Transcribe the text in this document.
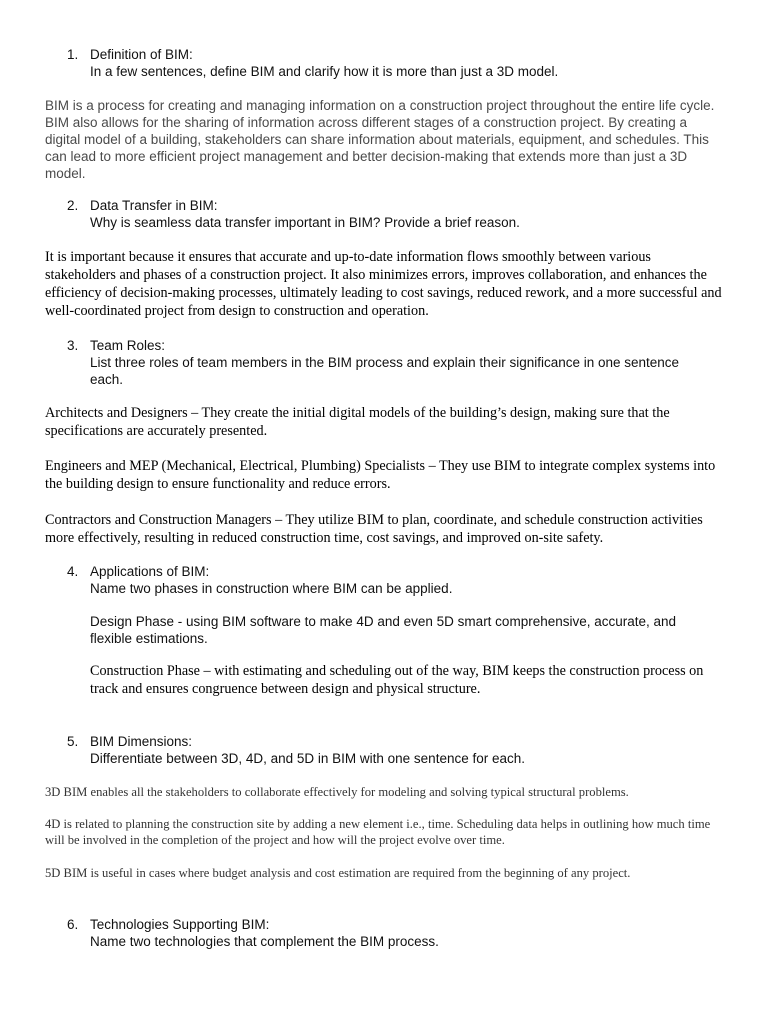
1. Definition of BIM:
In a few sentences, define BIM and clarify how it is more than just a 3D model.
BIM is a process for creating and managing information on a construction project throughout the entire life cycle. BIM also allows for the sharing of information across different stages of a construction project. By creating a digital model of a building, stakeholders can share information about materials, equipment, and schedules. This can lead to more efficient project management and better decision-making that extends more than just a 3D model.
2. Data Transfer in BIM:
Why is seamless data transfer important in BIM? Provide a brief reason.
It is important because it ensures that accurate and up-to-date information flows smoothly between various stakeholders and phases of a construction project. It also minimizes errors, improves collaboration, and enhances the efficiency of decision-making processes, ultimately leading to cost savings, reduced rework, and a more successful and well-coordinated project from design to construction and operation.
3. Team Roles:
List three roles of team members in the BIM process and explain their significance in one sentence each.
Architects and Designers – They create the initial digital models of the building’s design, making sure that the specifications are accurately presented.
Engineers and MEP (Mechanical, Electrical, Plumbing) Specialists – They use BIM to integrate complex systems into the building design to ensure functionality and reduce errors.
Contractors and Construction Managers – They utilize BIM to plan, coordinate, and schedule construction activities more effectively, resulting in reduced construction time, cost savings, and improved on-site safety.
4. Applications of BIM:
Name two phases in construction where BIM can be applied.
Design Phase - using BIM software to make 4D and even 5D smart comprehensive, accurate, and flexible estimations.
Construction Phase – with estimating and scheduling out of the way, BIM keeps the construction process on track and ensures congruence between design and physical structure.
5. BIM Dimensions:
Differentiate between 3D, 4D, and 5D in BIM with one sentence for each.
3D BIM enables all the stakeholders to collaborate effectively for modeling and solving typical structural problems.
4D is related to planning the construction site by adding a new element i.e., time. Scheduling data helps in outlining how much time will be involved in the completion of the project and how will the project evolve over time.
5D BIM is useful in cases where budget analysis and cost estimation are required from the beginning of any project.
6. Technologies Supporting BIM:
Name two technologies that complement the BIM process.
